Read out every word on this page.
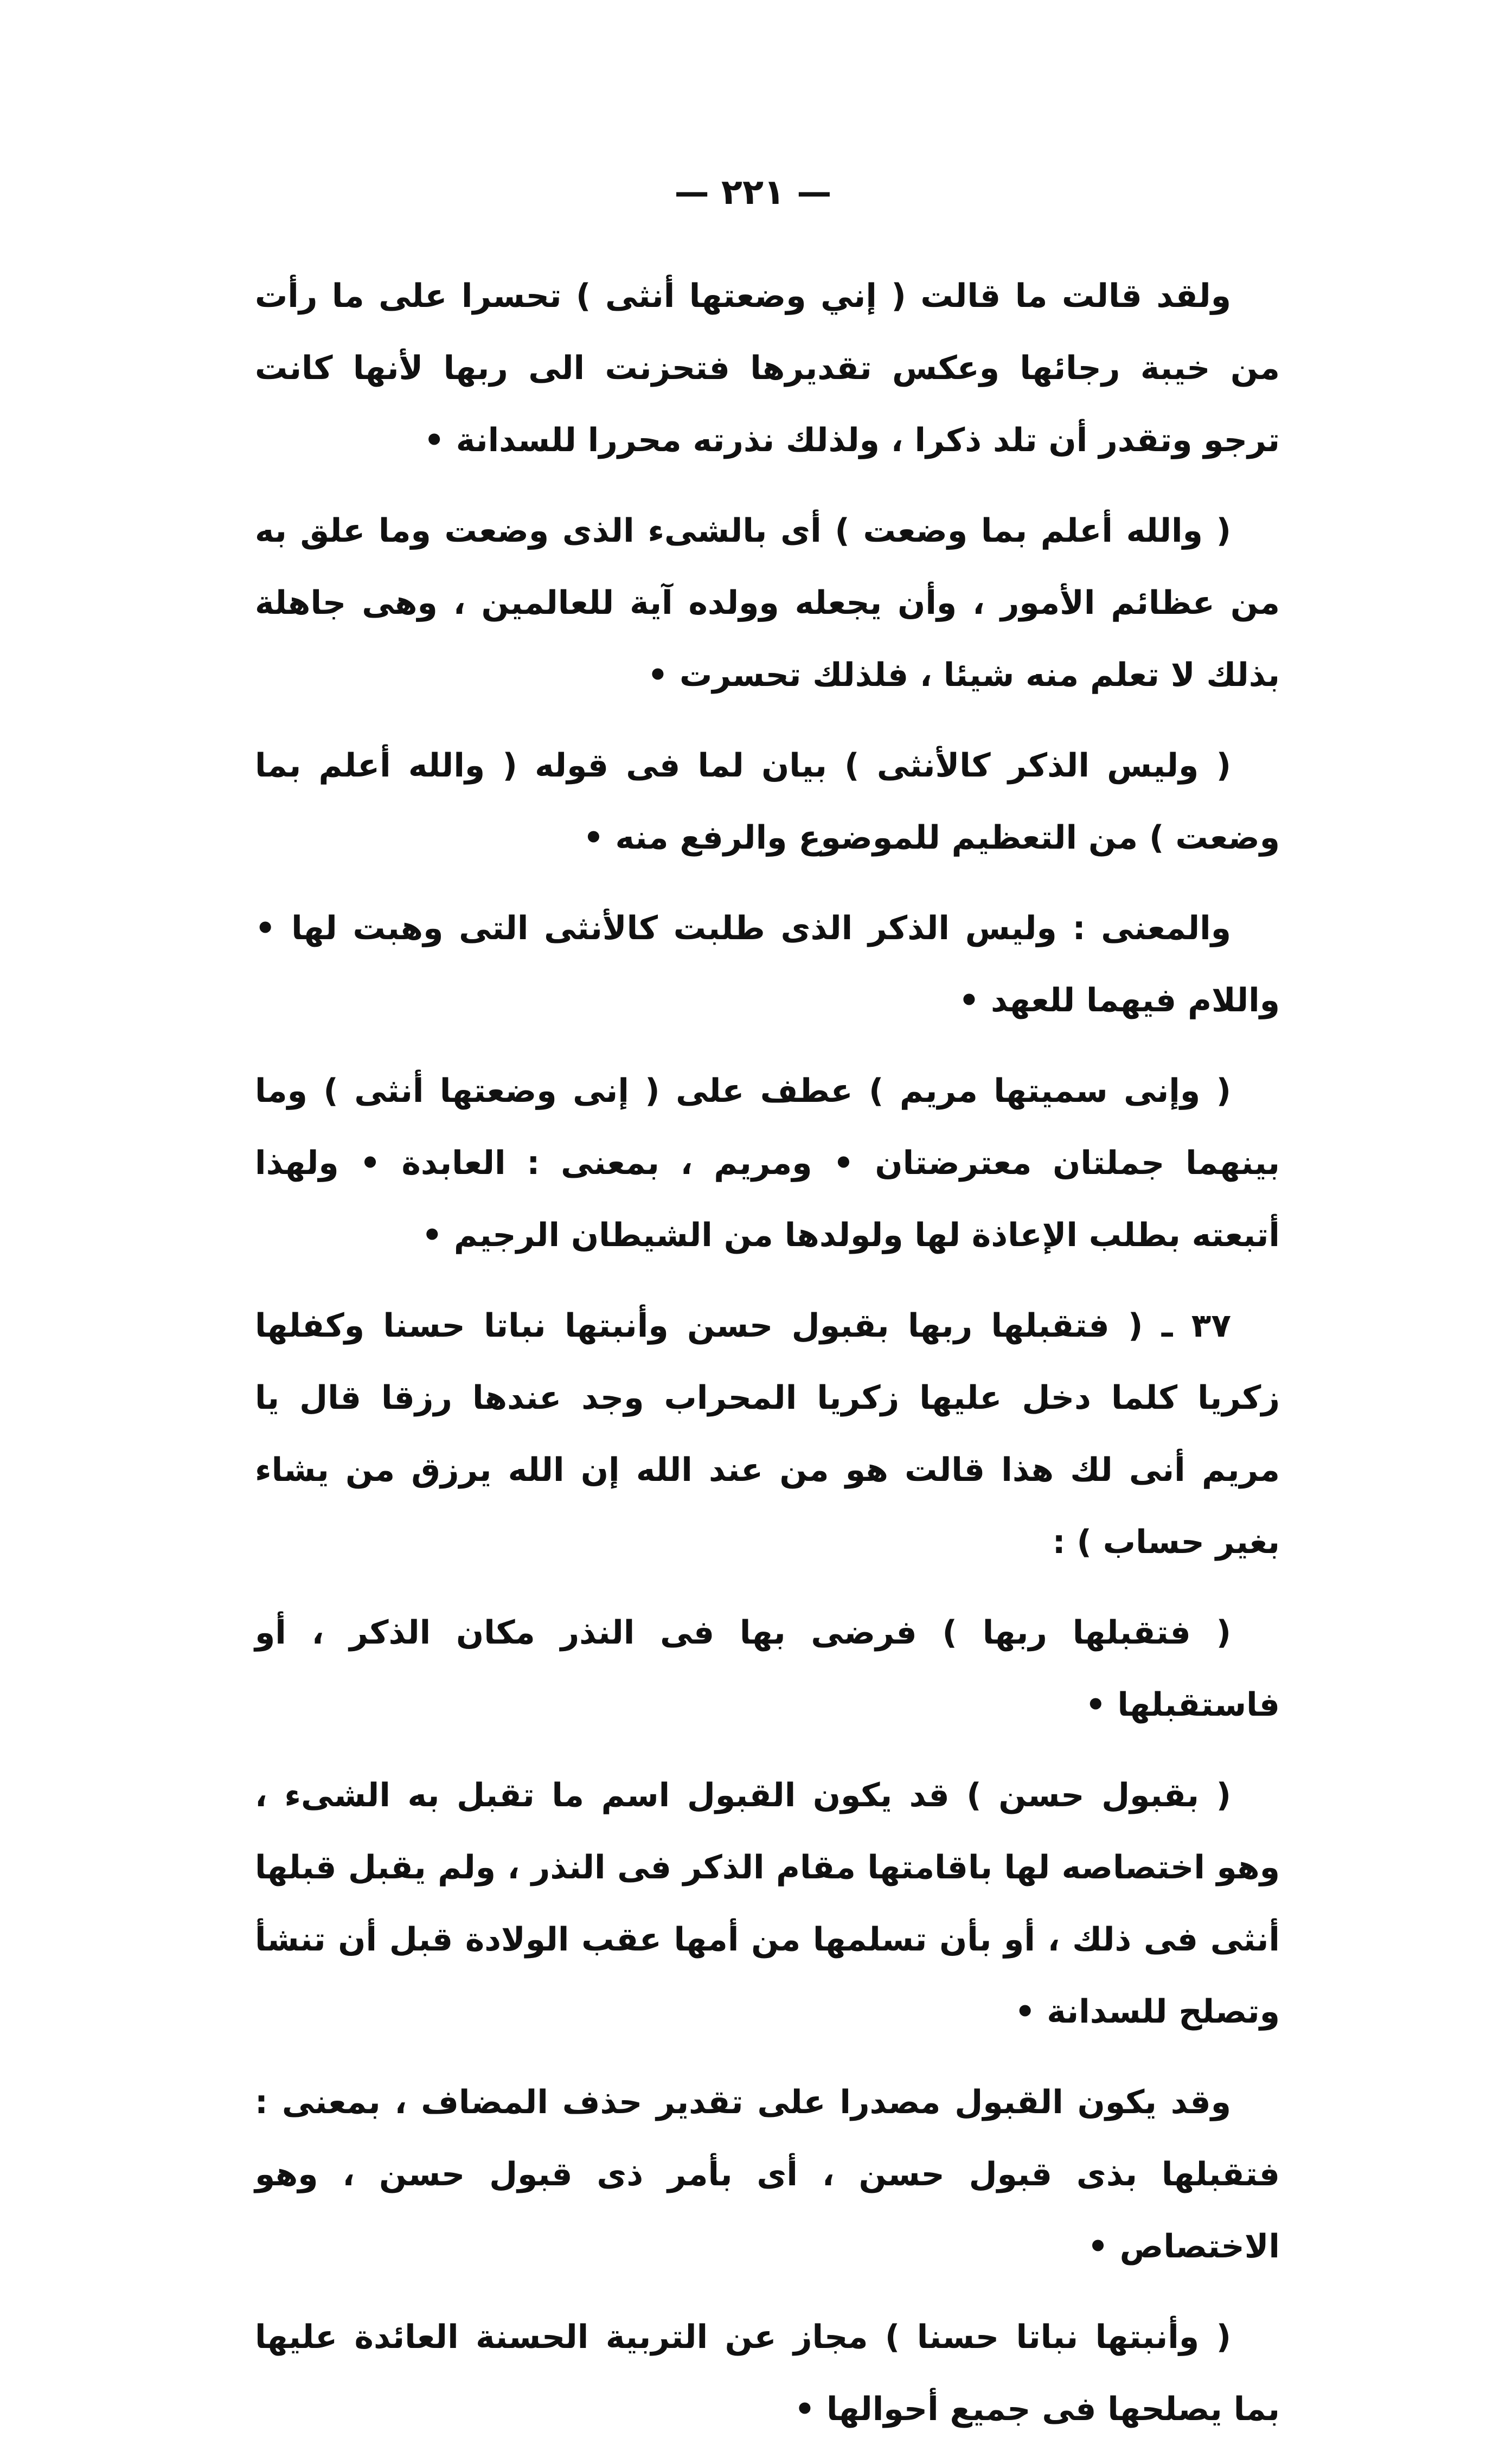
— ٢٢١ —

ولقد قالت ما قالت ( إني وضعتها أنثى ) تحسرا على ما رأت من خيبة رجائها وعكس تقديرها فتحزنت الى ربها لأنها كانت ترجو وتقدر أن تلد ذكرا ، ولذلك نذرته محررا للسدانة •

( والله أعلم بما وضعت ) أى بالشىء الذى وضعت وما علق به من عظائم الأمور ، وأن يجعله وولده آية للعالمين ، وهى جاهلة بذلك لا تعلم منه شيئا ، فلذلك تحسرت •

( وليس الذكر كالأنثى ) بيان لما فى قوله ( والله أعلم بما وضعت ) من التعظيم للموضوع والرفع منه •

والمعنى : وليس الذكر الذى طلبت كالأنثى التى وهبت لها • واللام فيهما للعهد •

( وإنى سميتها مريم ) عطف على ( إنى وضعتها أنثى ) وما بينهما جملتان معترضتان • ومريم ، بمعنى : العابدة • ولهذا أتبعته بطلب الإعاذة لها ولولدها من الشيطان الرجيم •

٣٧ ـ ( فتقبلها ربها بقبول حسن وأنبتها نباتا حسنا وكفلها زكريا كلما دخل عليها زكريا المحراب وجد عندها رزقا قال يا مريم أنى لك هذا قالت هو من عند الله إن الله يرزق من يشاء بغير حساب ) :

( فتقبلها ربها ) فرضى بها فى النذر مكان الذكر ، أو فاستقبلها •

( بقبول حسن ) قد يكون القبول اسم ما تقبل به الشىء ، وهو اختصاصه لها باقامتها مقام الذكر فى النذر ، ولم يقبل قبلها أنثى فى ذلك ، أو بأن تسلمها من أمها عقب الولادة قبل أن تنشأ وتصلح للسدانة •

وقد يكون القبول مصدرا على تقدير حذف المضاف ، بمعنى : فتقبلها بذى قبول حسن ، أى بأمر ذى قبول حسن ، وهو الاختصاص •

( وأنبتها نباتا حسنا ) مجاز عن التربية الحسنة العائدة عليها بما يصلحها فى جميع أحوالها •
